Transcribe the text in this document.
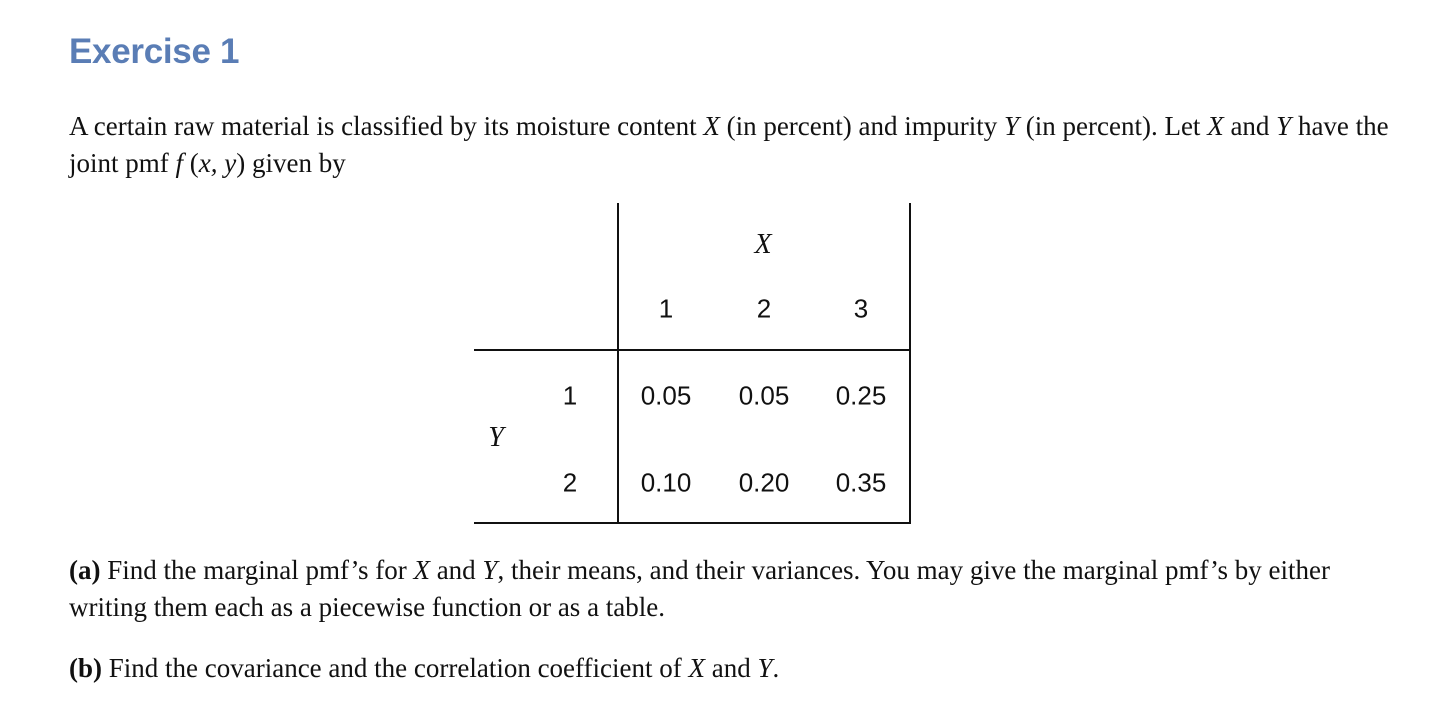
Exercise 1
A certain raw material is classified by its moisture content X (in percent) and impurity Y (in percent). Let X and Y have the joint pmf f (x, y) given by
X
Y
1	2	3
1
2
0.05 0.05 0.25
0.10 0.20 0.35
(a) Find the marginal pmf’s for X and Y, their means, and their variances. You may give the marginal pmf’s by either writing them each as a piecewise function or as a table.
(b) Find the covariance and the correlation coefficient of X and Y.
